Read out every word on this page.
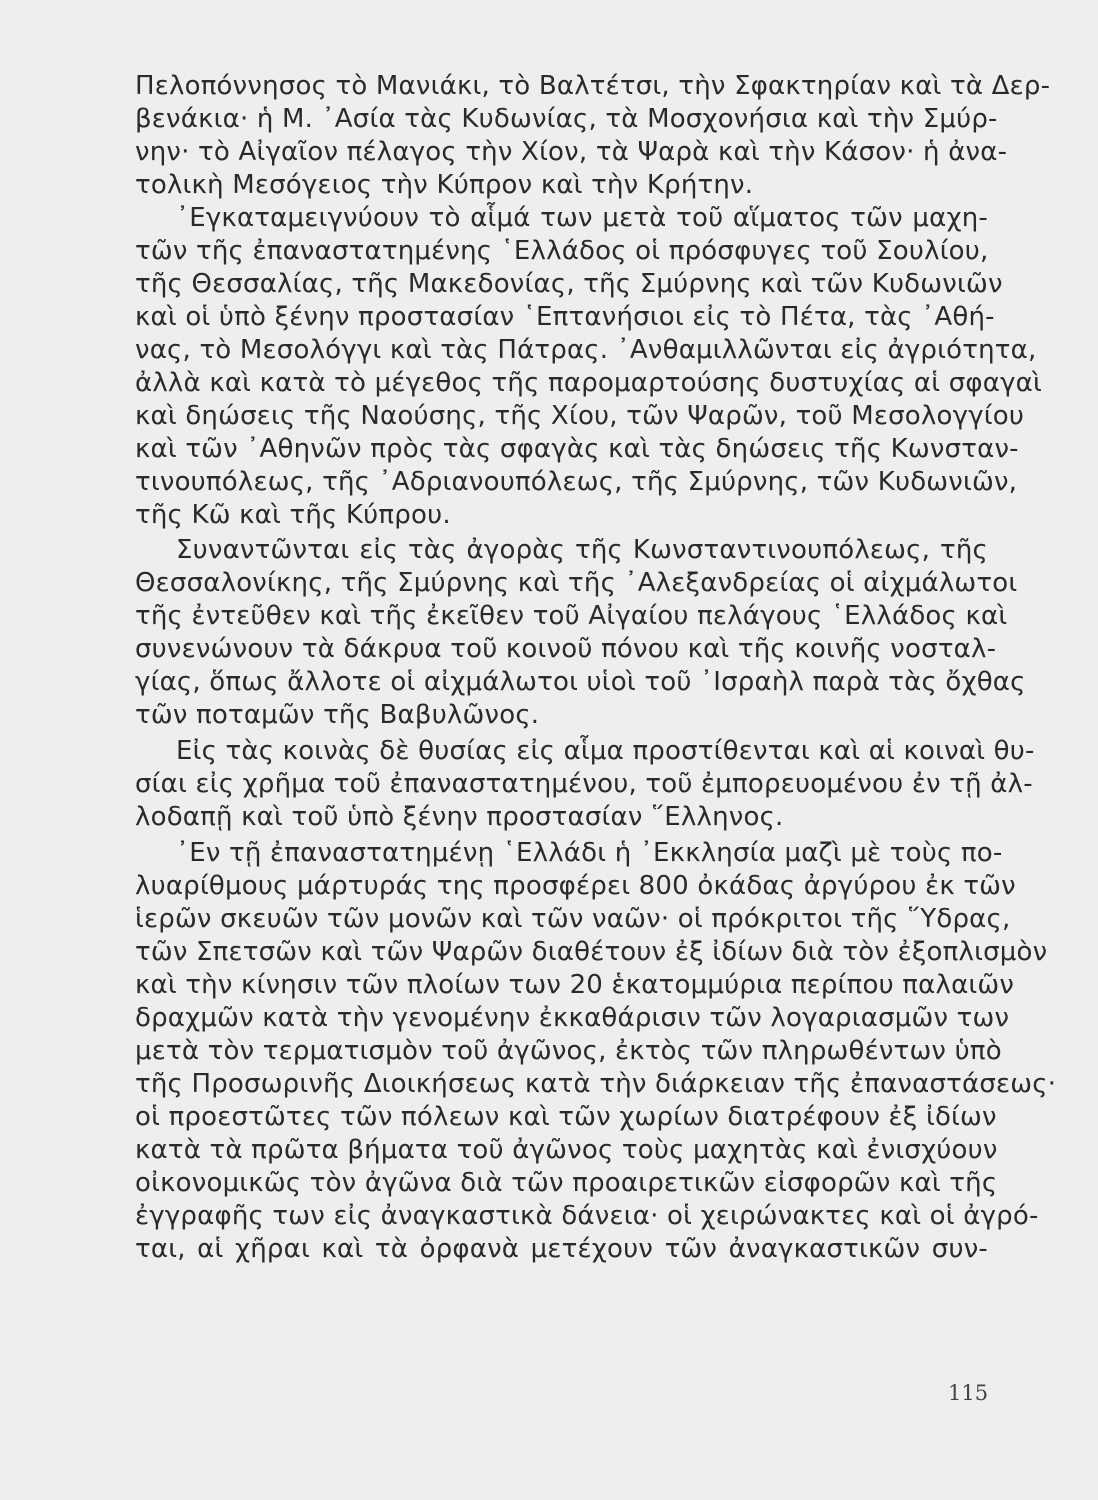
Πελοπόννησος τὸ Μανιάκι, τὸ Βαλτέτσι, τὴν Σφακτηρίαν καὶ τὰ Δερ-
βενάκια· ἡ Μ. ᾿Ασία τὰς Κυδωνίας, τὰ Μοσχονήσια καὶ τὴν Σμύρ-
νην· τὸ Αἰγαῖον πέλαγος τὴν Χίον, τὰ Ψαρὰ καὶ τὴν Κάσον· ἡ ἀνα-
τολικὴ Μεσόγειος τὴν Κύπρον καὶ τὴν Κρήτην.
᾿Εγκαταμειγνύουν τὸ αἷμά των μετὰ τοῦ αἵματος τῶν μαχη-
τῶν τῆς ἐπαναστατημένης ῾Ελλάδος οἱ πρόσφυγες τοῦ Σουλίου,
τῆς Θεσσαλίας, τῆς Μακεδονίας, τῆς Σμύρνης καὶ τῶν Κυδωνιῶν
καὶ οἱ ὑπὸ ξένην προστασίαν ῾Επτανήσιοι εἰς τὸ Πέτα, τὰς ᾿Αθή-
νας, τὸ Μεσολόγγι καὶ τὰς Πάτρας. ᾿Ανθαμιλλῶνται εἰς ἀγριότητα,
ἀλλὰ καὶ κατὰ τὸ μέγεθος τῆς παρομαρτούσης δυστυχίας αἱ σφαγαὶ
καὶ δηώσεις τῆς Ναούσης, τῆς Χίου, τῶν Ψαρῶν, τοῦ Μεσολογγίου
καὶ τῶν ᾿Αθηνῶν πρὸς τὰς σφαγὰς καὶ τὰς δηώσεις τῆς Κωνσταν-
τινουπόλεως, τῆς ᾿Αδριανουπόλεως, τῆς Σμύρνης, τῶν Κυδωνιῶν,
τῆς Κῶ καὶ τῆς Κύπρου.
Συναντῶνται εἰς τὰς ἀγορὰς τῆς Κωνσταντινουπόλεως, τῆς
Θεσσαλονίκης, τῆς Σμύρνης καὶ τῆς ᾿Αλεξανδρείας οἱ αἰχμάλωτοι
τῆς ἐντεῦθεν καὶ τῆς ἐκεῖθεν τοῦ Αἰγαίου πελάγους ῾Ελλάδος καὶ
συνενώνουν τὰ δάκρυα τοῦ κοινοῦ πόνου καὶ τῆς κοινῆς νοσταλ-
γίας, ὅπως ἄλλοτε οἱ αἰχμάλωτοι υἱοὶ τοῦ ᾿Ισραὴλ παρὰ τὰς ὄχθας
τῶν ποταμῶν τῆς Βαβυλῶνος.
Εἰς τὰς κοινὰς δὲ θυσίας εἰς αἷμα προστίθενται καὶ αἱ κοιναὶ θυ-
σίαι εἰς χρῆμα τοῦ ἐπαναστατημένου, τοῦ ἐμπορευομένου ἐν τῇ ἀλ-
λοδαπῇ καὶ τοῦ ὑπὸ ξένην προστασίαν ῞Ελληνος.
᾿Εν τῇ ἐπαναστατημένῃ ῾Ελλάδι ἡ ᾿Εκκλησία μαζὶ μὲ τοὺς πο-
λυαρίθμους μάρτυράς της προσφέρει 800 ὀκάδας ἀργύρου ἐκ τῶν
ἱερῶν σκευῶν τῶν μονῶν καὶ τῶν ναῶν· οἱ πρόκριτοι τῆς ῞Υδρας,
τῶν Σπετσῶν καὶ τῶν Ψαρῶν διαθέτουν ἐξ ἰδίων διὰ τὸν ἐξοπλισμὸν
καὶ τὴν κίνησιν τῶν πλοίων των 20 ἑκατομμύρια περίπου παλαιῶν
δραχμῶν κατὰ τὴν γενομένην ἐκκαθάρισιν τῶν λογαριασμῶν των
μετὰ τὸν τερματισμὸν τοῦ ἀγῶνος, ἐκτὸς τῶν πληρωθέντων ὑπὸ
τῆς Προσωρινῆς Διοικήσεως κατὰ τὴν διάρκειαν τῆς ἐπαναστάσεως·
οἱ προεστῶτες τῶν πόλεων καὶ τῶν χωρίων διατρέφουν ἐξ ἰδίων
κατὰ τὰ πρῶτα βήματα τοῦ ἀγῶνος τοὺς μαχητὰς καὶ ἐνισχύουν
οἰκονομικῶς τὸν ἀγῶνα διὰ τῶν προαιρετικῶν εἰσφορῶν καὶ τῆς
ἐγγραφῆς των εἰς ἀναγκαστικὰ δάνεια· οἱ χειρώνακτες καὶ οἱ ἀγρό-
ται, αἱ χῆραι καὶ τὰ ὀρφανὰ μετέχουν τῶν ἀναγκαστικῶν συν-
115
